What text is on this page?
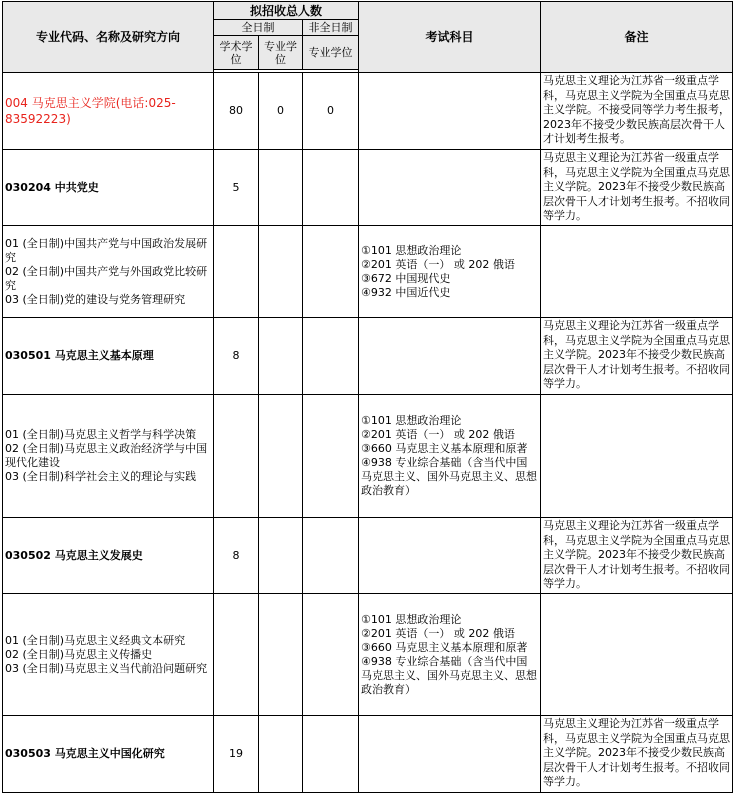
专业代码、名称及研究方向	拟招收总人数			考试科目	备注
	全日制		非全日制		
	学术学位	专业学位	专业学位		

004 马克思主义学院(电话:025-83592223)	80	0	0		马克思主义理论为江苏省一级重点学科，马克思主义学院为全国重点马克思主义学院。不接受同等学力考生报考，2023年不接受少数民族高层次骨干人才计划考生报考。
030204 中共党史	5				马克思主义理论为江苏省一级重点学科，马克思主义学院为全国重点马克思主义学院。2023年不接受少数民族高层次骨干人才计划考生报考。不招收同等学力。

01 (全日制)中国共产党与中国政治发展研究
02 (全日制)中国共产党与外国政党比较研究
03 (全日制)党的建设与党务管理研究				①101 思想政治理论
②201 英语（一） 或 202 俄语
③672 中国现代史
④932 中国近代史	

030501 马克思主义基本原理	8				马克思主义理论为江苏省一级重点学科，马克思主义学院为全国重点马克思主义学院。2023年不接受少数民族高层次骨干人才计划考生报考。不招收同等学力。

01 (全日制)马克思主义哲学与科学决策
02 (全日制)马克思主义政治经济学与中国现代化建设
03 (全日制)科学社会主义的理论与实践				①101 思想政治理论
②201 英语（一） 或 202 俄语
③660 马克思主义基本原理和原著
④938 专业综合基础（含当代中国马克思主义、国外马克思主义、思想政治教育）	

030502 马克思主义发展史	8				马克思主义理论为江苏省一级重点学科，马克思主义学院为全国重点马克思主义学院。2023年不接受少数民族高层次骨干人才计划考生报考。不招收同等学力。

01 (全日制)马克思主义经典文本研究
02 (全日制)马克思主义传播史
03 (全日制)马克思主义当代前沿问题研究				①101 思想政治理论
②201 英语（一） 或 202 俄语
③660 马克思主义基本原理和原著
④938 专业综合基础（含当代中国马克思主义、国外马克思主义、思想政治教育）	

030503 马克思主义中国化研究	19				马克思主义理论为江苏省一级重点学科，马克思主义学院为全国重点马克思主义学院。2023年不接受少数民族高层次骨干人才计划考生报考。不招收同等学力。
